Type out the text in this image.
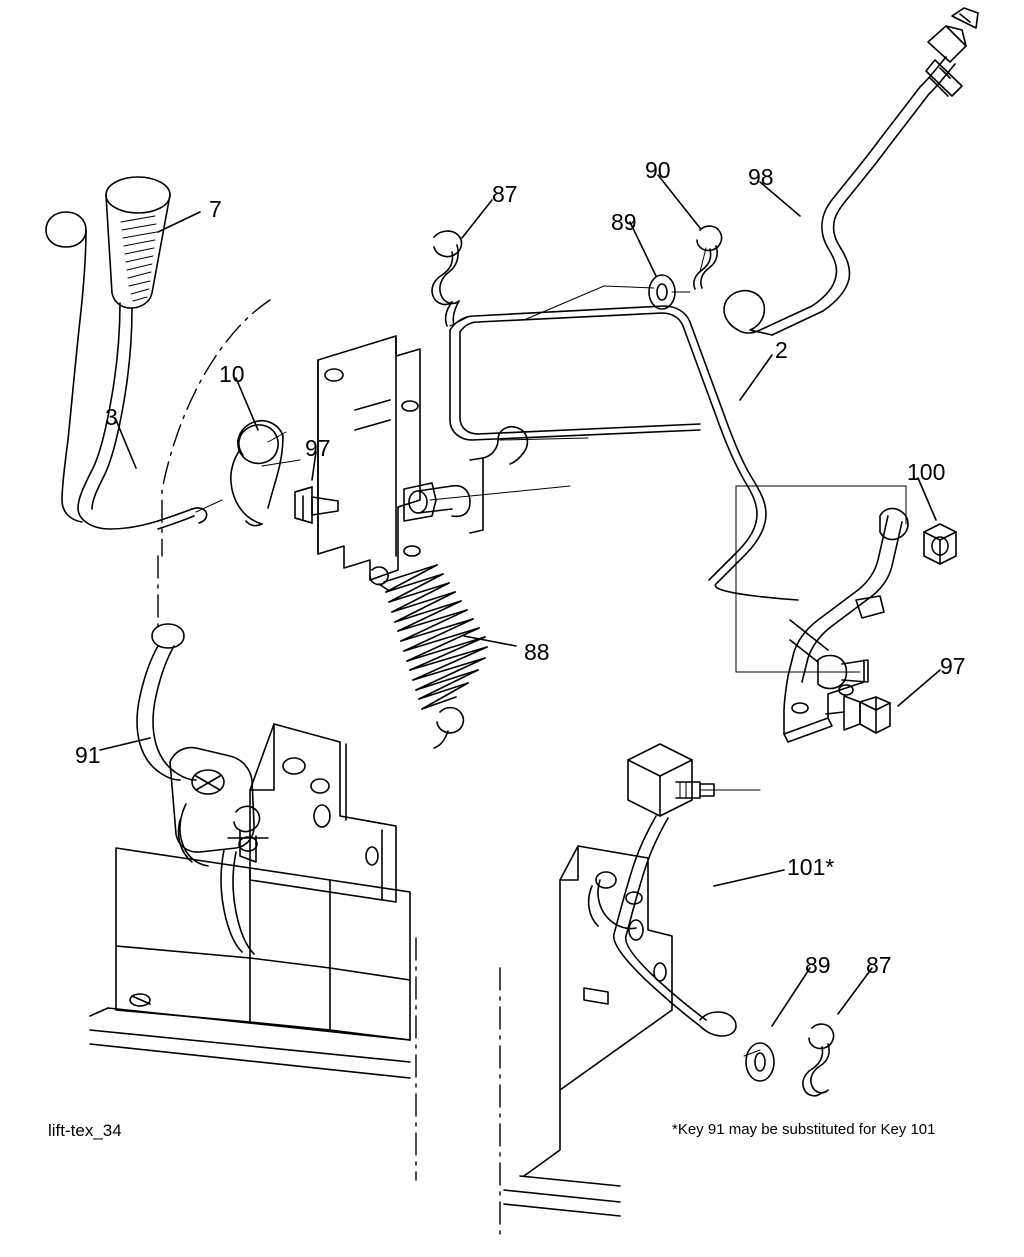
7
87
90	98
89
2
10
3
97
100
88
97
91
101*
89 87
lift-tex_34	*Key 91 may be substituted for Key 101
